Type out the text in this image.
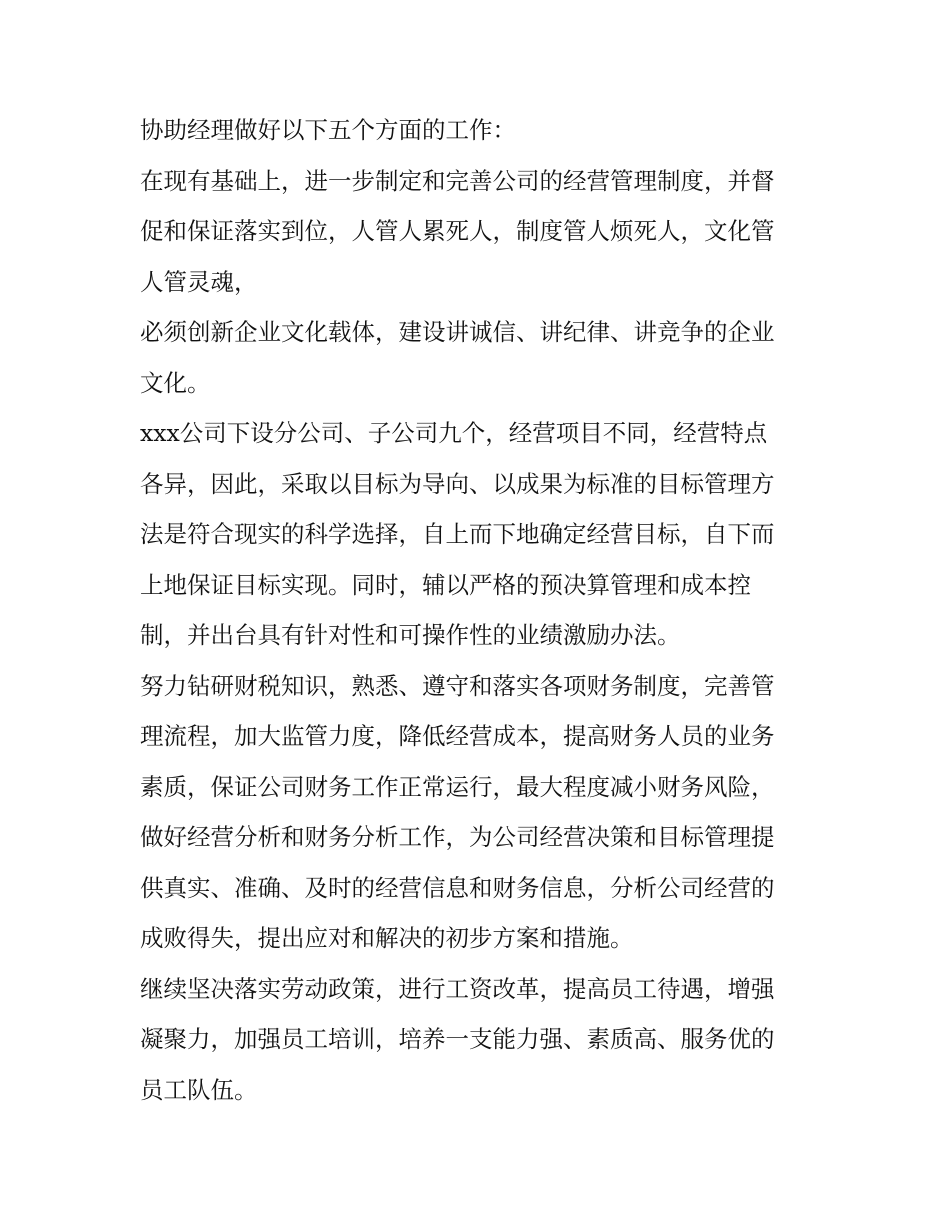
协助经理做好以下五个方面的工作：

在现有基础上，进一步制定和完善公司的经营管理制度，并督
促和保证落实到位，人管人累死人，制度管人烦死人，文化管
人管灵魂，

必须创新企业文化载体，建设讲诚信、讲纪律、讲竞争的企业
文化。

xxx公司下设分公司、子公司九个，经营项目不同，经营特点
各异，因此，采取以目标为导向、以成果为标准的目标管理方
法是符合现实的科学选择，自上而下地确定经营目标，自下而
上地保证目标实现。同时，辅以严格的预决算管理和成本控
制，并出台具有针对性和可操作性的业绩激励办法。

努力钻研财税知识，熟悉、遵守和落实各项财务制度，完善管
理流程，加大监管力度，降低经营成本，提高财务人员的业务
素质，保证公司财务工作正常运行，最大程度减小财务风险，
做好经营分析和财务分析工作，为公司经营决策和目标管理提
供真实、准确、及时的经营信息和财务信息，分析公司经营的
成败得失，提出应对和解决的初步方案和措施。

继续坚决落实劳动政策，进行工资改革，提高员工待遇，增强
凝聚力，加强员工培训，培养一支能力强、素质高、服务优的
员工队伍。
